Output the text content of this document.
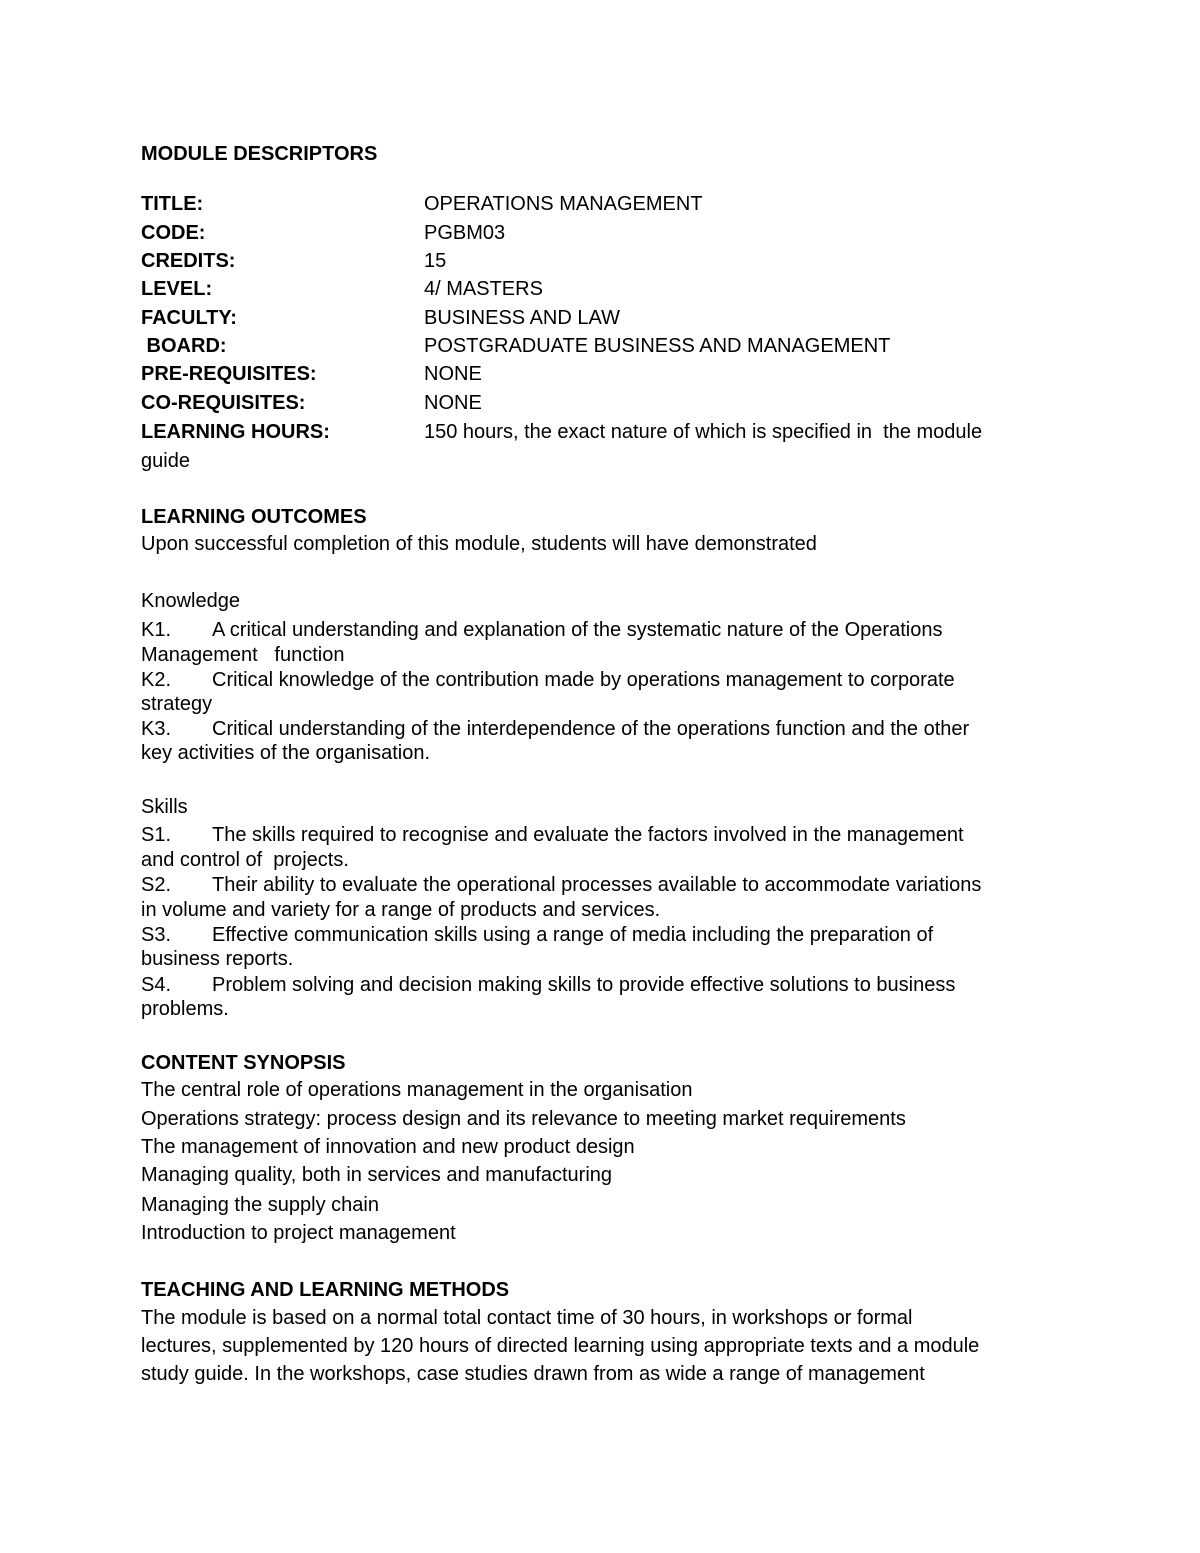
MODULE DESCRIPTORS
TITLE:	OPERATIONS MANAGEMENT
CODE:	PGBM03
CREDITS:	15
LEVEL:	4/ MASTERS
FACULTY:	BUSINESS AND LAW
BOARD:	POSTGRADUATE BUSINESS AND MANAGEMENT
PRE-REQUISITES:	NONE
CO-REQUISITES:	NONE
LEARNING HOURS:	150 hours, the exact nature of which is specified in  the module
guide
LEARNING OUTCOMES
Upon successful completion of this module, students will have demonstrated
Knowledge
K1. A critical understanding and explanation of the systematic nature of the Operations
Management   function
K2. Critical knowledge of the contribution made by operations management to corporate
strategy
K3. Critical understanding of the interdependence of the operations function and the other
key activities of the organisation.
Skills
S1. The skills required to recognise and evaluate the factors involved in the management
and control of  projects.
S2. Their ability to evaluate the operational processes available to accommodate variations
in volume and variety for a range of products and services.
S3. Effective communication skills using a range of media including the preparation of
business reports.
S4. Problem solving and decision making skills to provide effective solutions to business
problems.
CONTENT SYNOPSIS
The central role of operations management in the organisation
Operations strategy: process design and its relevance to meeting market requirements
The management of innovation and new product design
Managing quality, both in services and manufacturing
Managing the supply chain
Introduction to project management
TEACHING AND LEARNING METHODS
The module is based on a normal total contact time of 30 hours, in workshops or formal
lectures, supplemented by 120 hours of directed learning using appropriate texts and a module
study guide. In the workshops, case studies drawn from as wide a range of management
